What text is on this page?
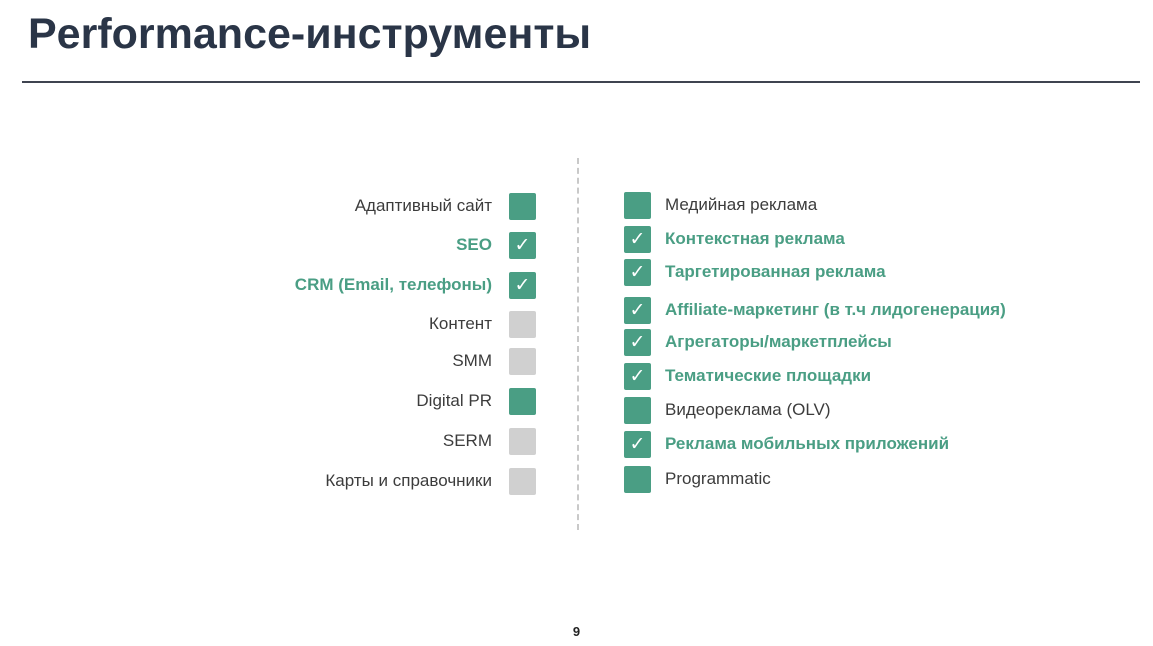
Performance-инструменты
Адаптивный сайт
SEO ✓
CRM (Email, телефоны) ✓
Контент
SMM
Digital PR
SERM
Карты и справочники
Медийная реклама
✓ Контекстная реклама
✓ Таргетированная реклама
✓ Affiliate-маркетинг (в т.ч лидогенерация)
✓ Агрегаторы/маркетплейсы
✓ Тематические площадки
Видеореклама (OLV)
✓ Реклама мобильных приложений
Programmatic
9
